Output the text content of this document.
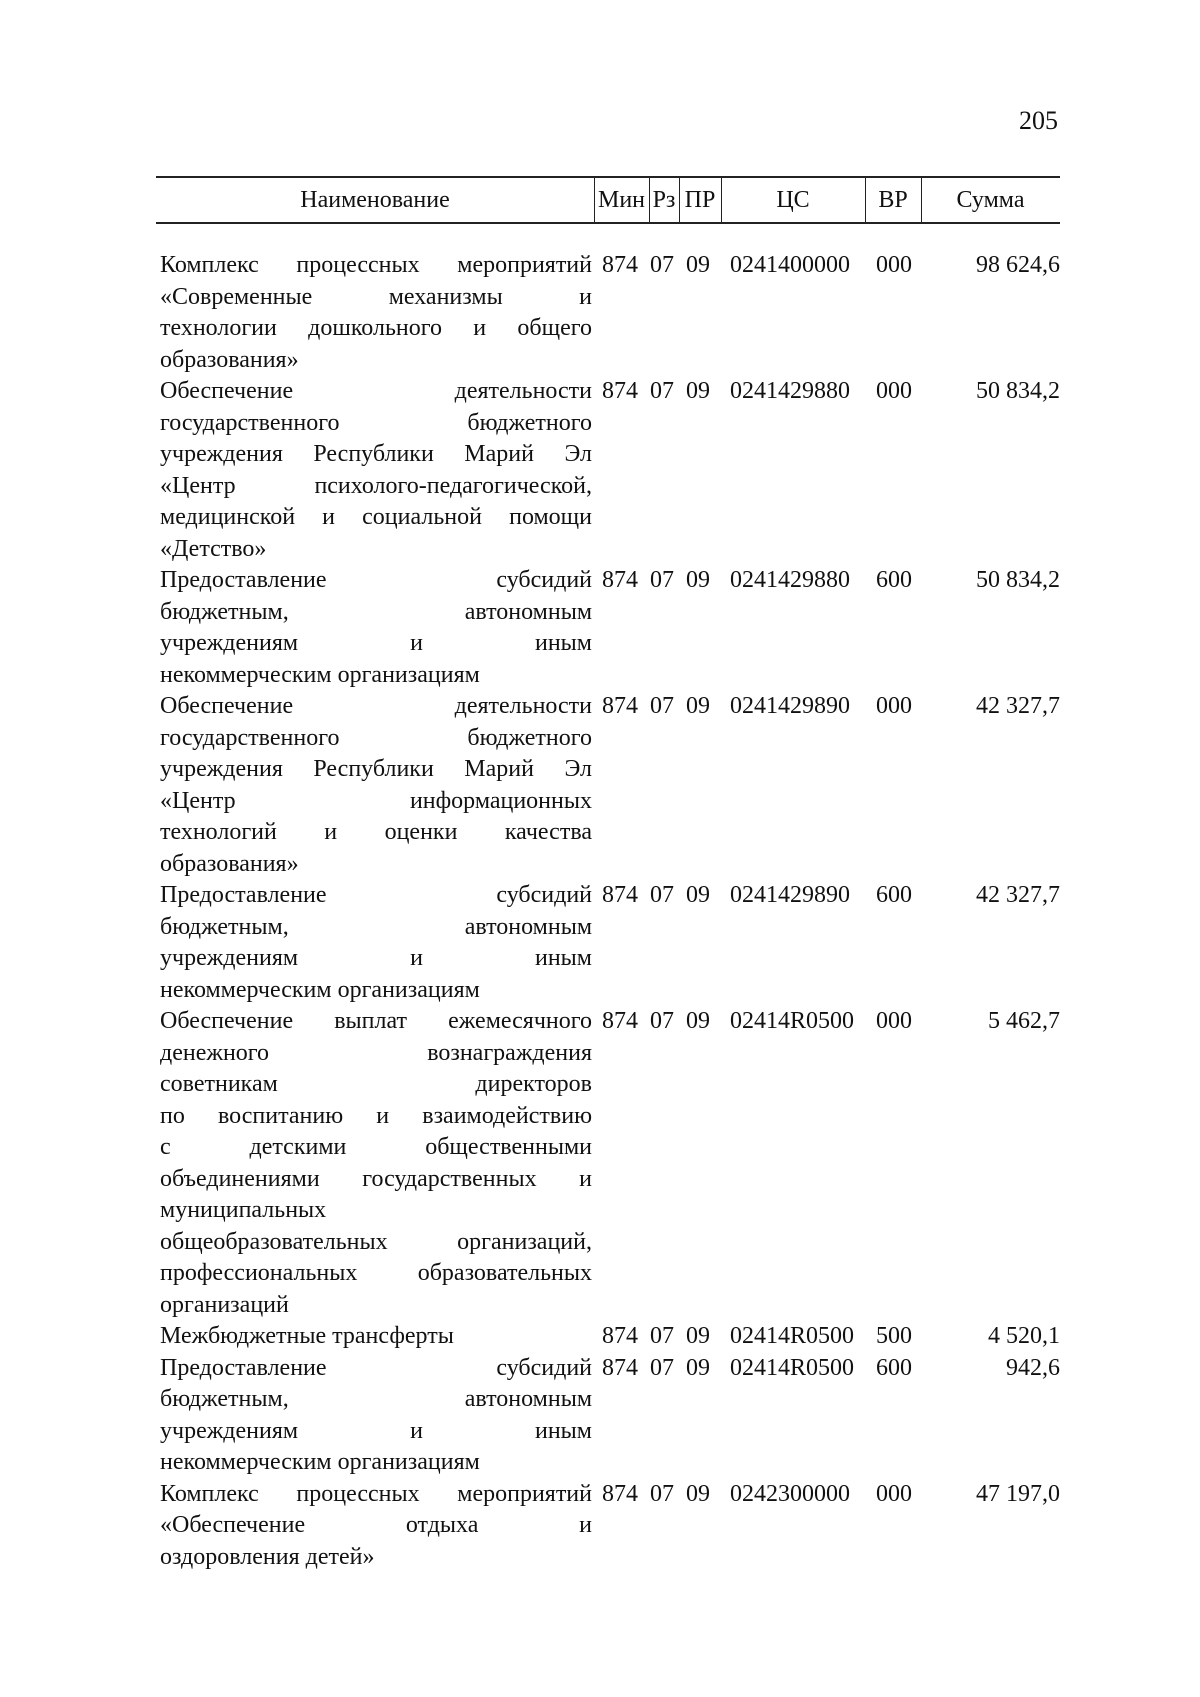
205
Наименование	Мин Рз ПР	ЦС	ВР	Сумма
Комплекс процессных мероприятий
«Современные механизмы и
технологии дошкольного и общего
образования»
874 07 09 0241400000 000	98 624,6
Обеспечение деятельности
государственного бюджетного
учреждения Республики Марий Эл
«Центр психолого-педагогической,
медицинской и социальной помощи
«Детство»
874 07 09 0241429880 000	50 834,2
Предоставление субсидий
бюджетным, автономным
учреждениям и иным
некоммерческим организациям
874 07 09 0241429880 600	50 834,2
Обеспечение деятельности
государственного бюджетного
учреждения Республики Марий Эл
«Центр информационных
технологий и оценки качества
образования»
874 07 09 0241429890 000	42 327,7
Предоставление субсидий
бюджетным, автономным
учреждениям и иным
некоммерческим организациям
874 07 09 0241429890 600	42 327,7
Обеспечение выплат ежемесячного
денежного вознаграждения
советникам директоров
по воспитанию и взаимодействию
с детскими общественными
объединениями государственных и
муниципальных
общеобразовательных организаций,
профессиональных образовательных
организаций
874 07 09 02414R0500 000	5 462,7
Межбюджетные трансферты	874 07 09 02414R0500 500	4 520,1
Предоставление субсидий
бюджетным, автономным
учреждениям и иным
некоммерческим организациям
874 07 09 02414R0500 600	942,6
Комплекс процессных мероприятий
«Обеспечение отдыха и
оздоровления детей»
874 07 09 0242300000 000	47 197,0
